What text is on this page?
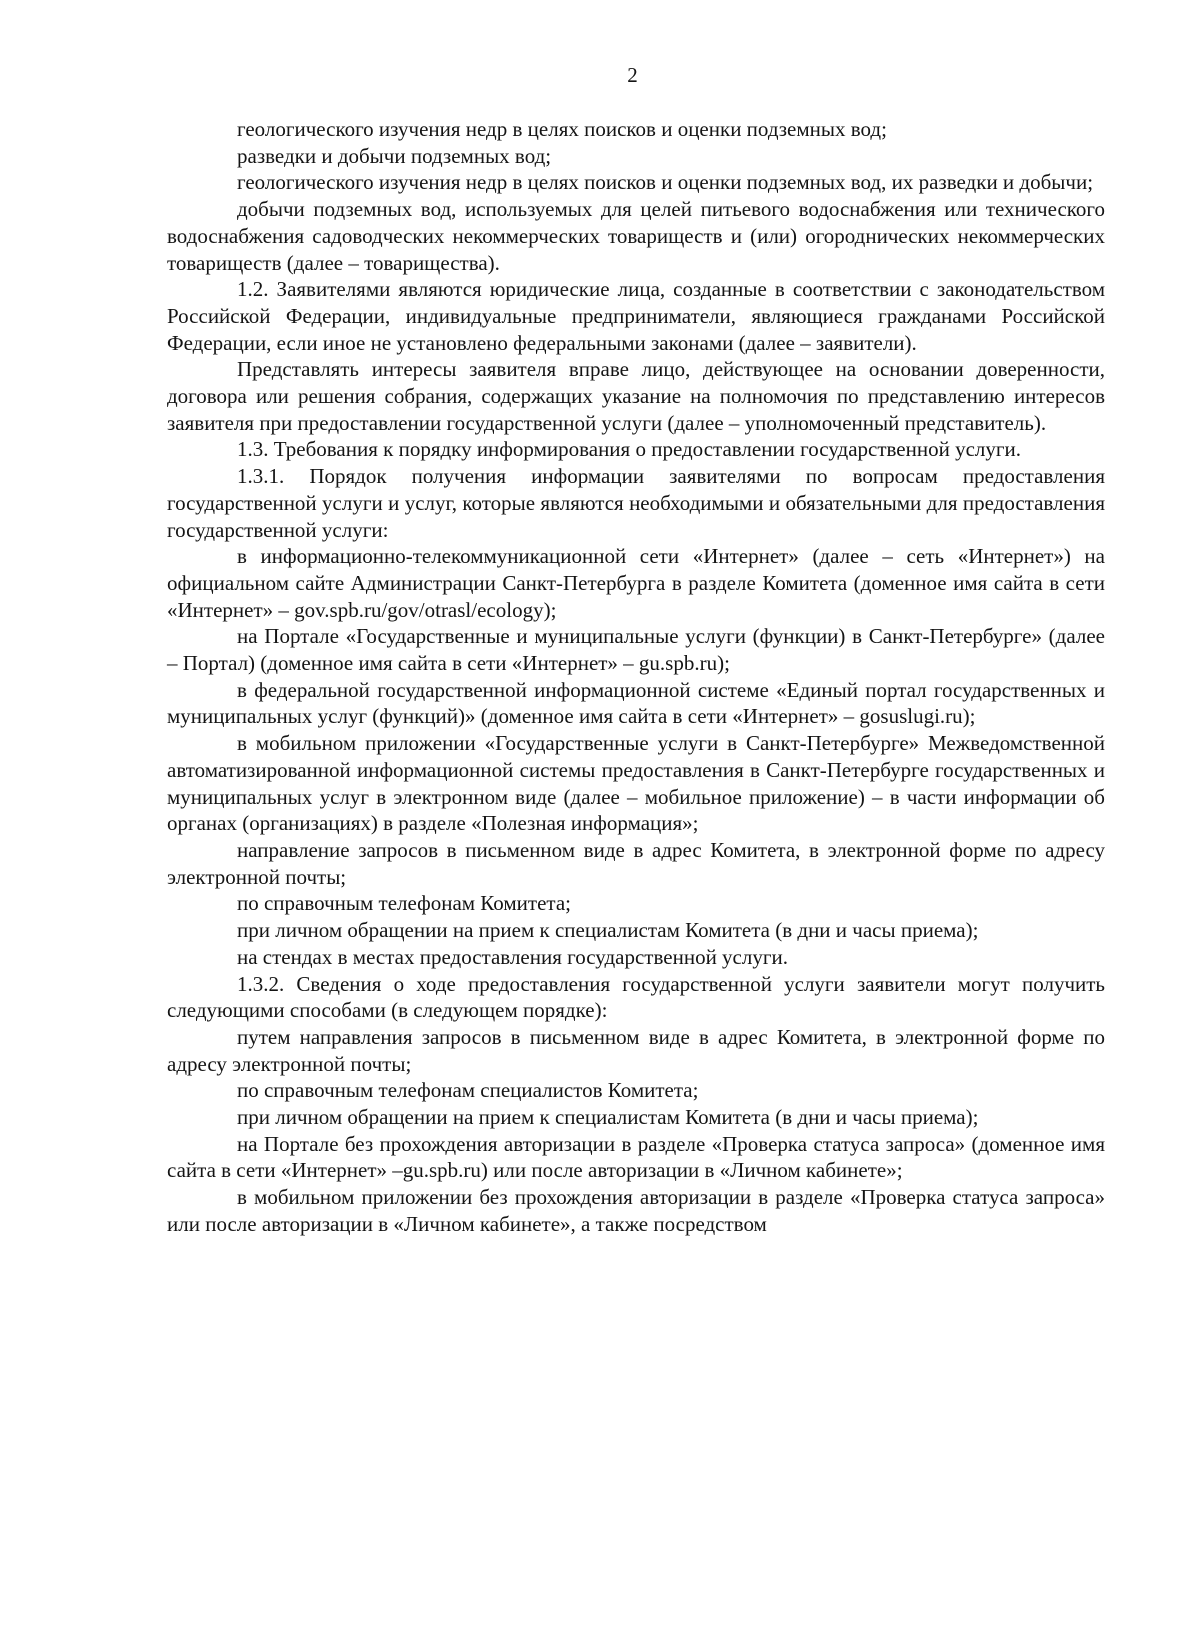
2

геологического изучения недр в целях поисков и оценки подземных вод;

разведки и добычи подземных вод;

геологического изучения недр в целях поисков и оценки подземных вод, их разведки и добычи;

добычи подземных вод, используемых для целей питьевого водоснабжения или технического водоснабжения садоводческих некоммерческих товариществ и (или) огороднических некоммерческих товариществ (далее – товарищества).

1.2. Заявителями являются юридические лица, созданные в соответствии с законодательством Российской Федерации, индивидуальные предприниматели, являющиеся гражданами Российской Федерации, если иное не установлено федеральными законами (далее – заявители).

Представлять интересы заявителя вправе лицо, действующее на основании доверенности, договора или решения собрания, содержащих указание на полномочия по представлению интересов заявителя при предоставлении государственной услуги (далее – уполномоченный представитель).

1.3. Требования к порядку информирования о предоставлении государственной услуги.

1.3.1. Порядок получения информации заявителями по вопросам предоставления государственной услуги и услуг, которые являются необходимыми и обязательными для предоставления государственной услуги:

в информационно-телекоммуникационной сети «Интернет» (далее – сеть «Интернет») на официальном сайте Администрации Санкт-Петербурга в разделе Комитета (доменное имя сайта в сети «Интернет» – gov.spb.ru/gov/otrasl/ecology);

на Портале «Государственные и муниципальные услуги (функции) в Санкт-Петербурге» (далее – Портал) (доменное имя сайта в сети «Интернет» – gu.spb.ru);

в федеральной государственной информационной системе «Единый портал государственных и муниципальных услуг (функций)» (доменное имя сайта в сети «Интернет» – gosuslugi.ru);

в мобильном приложении «Государственные услуги в Санкт-Петербурге» Межведомственной автоматизированной информационной системы предоставления в Санкт-Петербурге государственных и муниципальных услуг в электронном виде (далее – мобильное приложение) – в части информации об органах (организациях) в разделе «Полезная информация»;

направление запросов в письменном виде в адрес Комитета, в электронной форме по адресу электронной почты;

по справочным телефонам Комитета;

при личном обращении на прием к специалистам Комитета (в дни и часы приема);

на стендах в местах предоставления государственной услуги.

1.3.2. Сведения о ходе предоставления государственной услуги заявители могут получить следующими способами (в следующем порядке):

путем направления запросов в письменном виде в адрес Комитета, в электронной форме по адресу электронной почты;

по справочным телефонам специалистов Комитета;

при личном обращении на прием к специалистам Комитета (в дни и часы приема);

на Портале без прохождения авторизации в разделе «Проверка статуса запроса» (доменное имя сайта в сети «Интернет» –gu.spb.ru) или после авторизации в «Личном кабинете»;

в мобильном приложении без прохождения авторизации в разделе «Проверка статуса запроса» или после авторизации в «Личном кабинете», а также посредством
